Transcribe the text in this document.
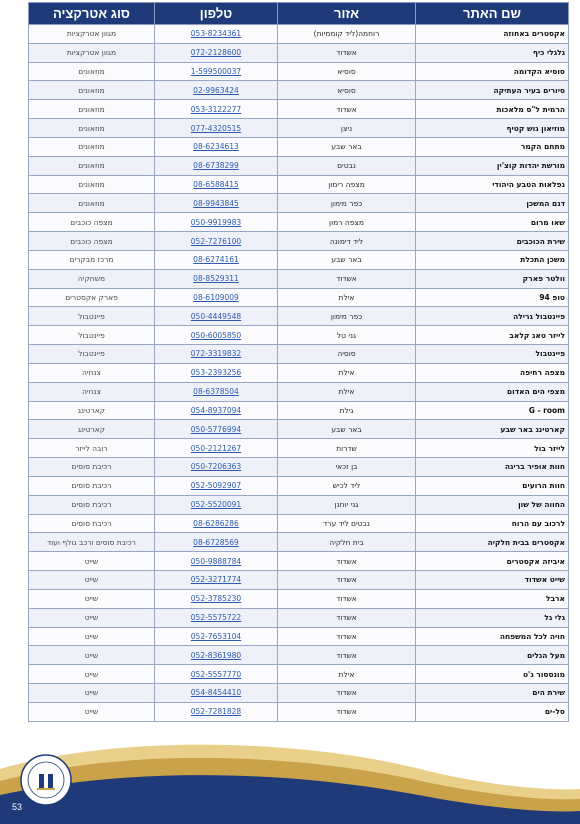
שם האתר	אזור	טלפון	סוג אטרקציה
אקסטרים באחוזה	רוחמה(ליד קוממיות)	053-8234361	מגוון אטרקציות
גלגלי כיף	אשדוד	072-2128600	מגוון אטרקציות
סוסיא הקדומה	סוסיא	1-599500037	מוזאונים
סיורים בעיר העתיקה	סוסיא	02-9963424	מוזאונים
הרמית ל"ס מלאכות	אשדוד	053-3122277	מוזאונים
מוזיאון גוש קטיף	ניצן	077-4320515	מוזאונים
מתחם הקמר	באר שבע	08-6234613	מוזאונים
מורשת יהדות קוצ'ין	נבטים	08-6738299	מוזאונים
נפלאות הטבע היהודי	מצפה רימון	08-6588415	מוזאונים
דגם המשכן	כפר מימון	08-9943845	מוזאונים
שאו מרום	מצפה רמון	050-9919983	מצפה כוכבים
שירת הכוכבים	ליד דימונה	052-7276100	מצפה כוכבים
משכן התכלת	באר שבע	08-6274161	מרכז מבקרים
וולטר פארק	אשדוד	08-8529311	משחקיה
טופ 94	אילת	08-6109009	פארק אקסטרים
פיינטבול גרילה	כפר מימון	050-4449548	פיינטבול
לייזר טאג קלאב	גני טל	050-6005850	פיינטבול
פיינטבול	סוסיה	072-3319832	פיינטבול
מצפה רחיפה	אילת	053-2393256	צנחיה
מצפי הים האדום	אילת	08-6378504	צנחיה
G - room	גילת	054-8937094	קארטינג
קארטינג באר שבע	באר שבע	050-5776994	קארטינג
לייזר בול	שדרות	050-2121267	רובה לייזר
חוות אופיר בריגה	בן זכאי	050-7206363	רכיבת סוסים
חוות הרועים	ליד לכיש	052-5092907	רכיבת סוסים
החווה של שון	גני יוחנן	052-5520091	רכיבת סוסים
לרכוב עם הרוח	נבטים ליד ערד	08-6286286	רכיבת סוסים
אקסטרים בבית חלקיה	בית חלקיה	08-6728569	רכיבת סוסים ורכב גולף ועוד
איביזה אקסטרים	אשדוד	050-9888784	שייט
שייט אשדוד	אשדוד	052-3271774	שייט
ארבל	אשדוד	052-3785230	שייט
גלי גל	אשדוד	052-5575722	שייט
חויה לכל המשפחה	אשדוד	052-7653104	שייט
מעל הגלים	אשדוד	052-8361980	שייט
מונססור ג'ט	אילת	052-5557770	שייט
שירת הים	אשדוד	054-8454410	שייט
סל-ים	אשדוד	052-7281828	שייט
53
